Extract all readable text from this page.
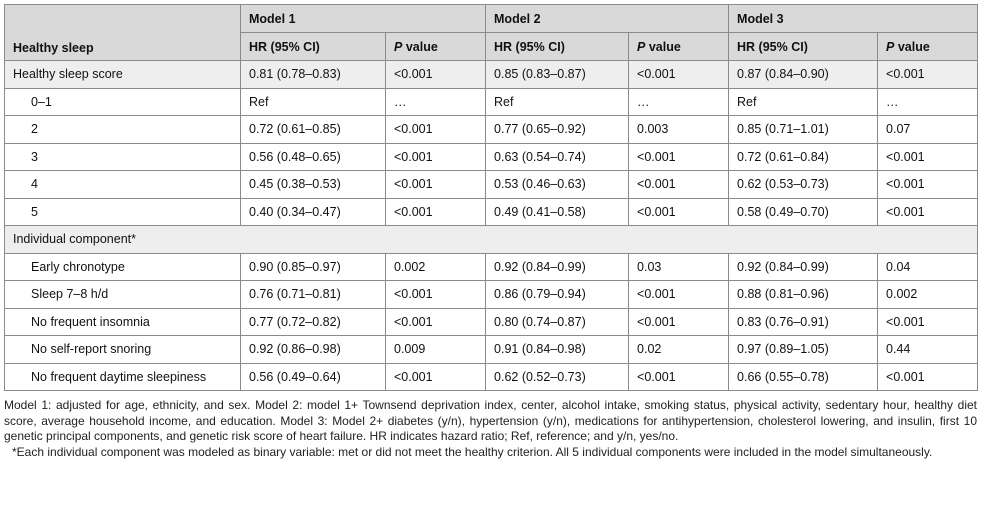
Healthy sleep	Model 1		Model 2		Model 3	
	HR (95% CI)	P value	HR (95% CI)	P value	HR (95% CI)	P value
Healthy sleep score	0.81 (0.78–0.83)	<0.001	0.85 (0.83–0.87)	<0.001	0.87 (0.84–0.90)	<0.001
0–1	Ref	…	Ref	…	Ref	…
2	0.72 (0.61–0.85)	<0.001	0.77 (0.65–0.92)	0.003	0.85 (0.71–1.01)	0.07
3	0.56 (0.48–0.65)	<0.001	0.63 (0.54–0.74)	<0.001	0.72 (0.61–0.84)	<0.001
4	0.45 (0.38–0.53)	<0.001	0.53 (0.46–0.63)	<0.001	0.62 (0.53–0.73)	<0.001
5	0.40 (0.34–0.47)	<0.001	0.49 (0.41–0.58)	<0.001	0.58 (0.49–0.70)	<0.001
Individual component*						
Early chronotype	0.90 (0.85–0.97)	0.002	0.92 (0.84–0.99)	0.03	0.92 (0.84–0.99)	0.04
Sleep 7–8 h/d	0.76 (0.71–0.81)	<0.001	0.86 (0.79–0.94)	<0.001	0.88 (0.81–0.96)	0.002
No frequent insomnia	0.77 (0.72–0.82)	<0.001	0.80 (0.74–0.87)	<0.001	0.83 (0.76–0.91)	<0.001
No self-report snoring	0.92 (0.86–0.98)	0.009	0.91 (0.84–0.98)	0.02	0.97 (0.89–1.05)	0.44
No frequent daytime sleepiness	0.56 (0.49–0.64)	<0.001	0.62 (0.52–0.73)	<0.001	0.66 (0.55–0.78)	<0.001

Model 1: adjusted for age, ethnicity, and sex. Model 2: model 1+ Townsend deprivation index, center, alcohol intake, smoking status, physical activity, sedentary hour, healthy diet score, average household income, and education. Model 3: Model 2+ diabetes (y/n), hypertension (y/n), medications for antihypertension, cholesterol lowering, and insulin, first 10 genetic principal components, and genetic risk score of heart failure. HR indicates hazard ratio; Ref, reference; and y/n, yes/no.

*Each individual component was modeled as binary variable: met or did not meet the healthy criterion. All 5 individual components were included in the model simultaneously.
